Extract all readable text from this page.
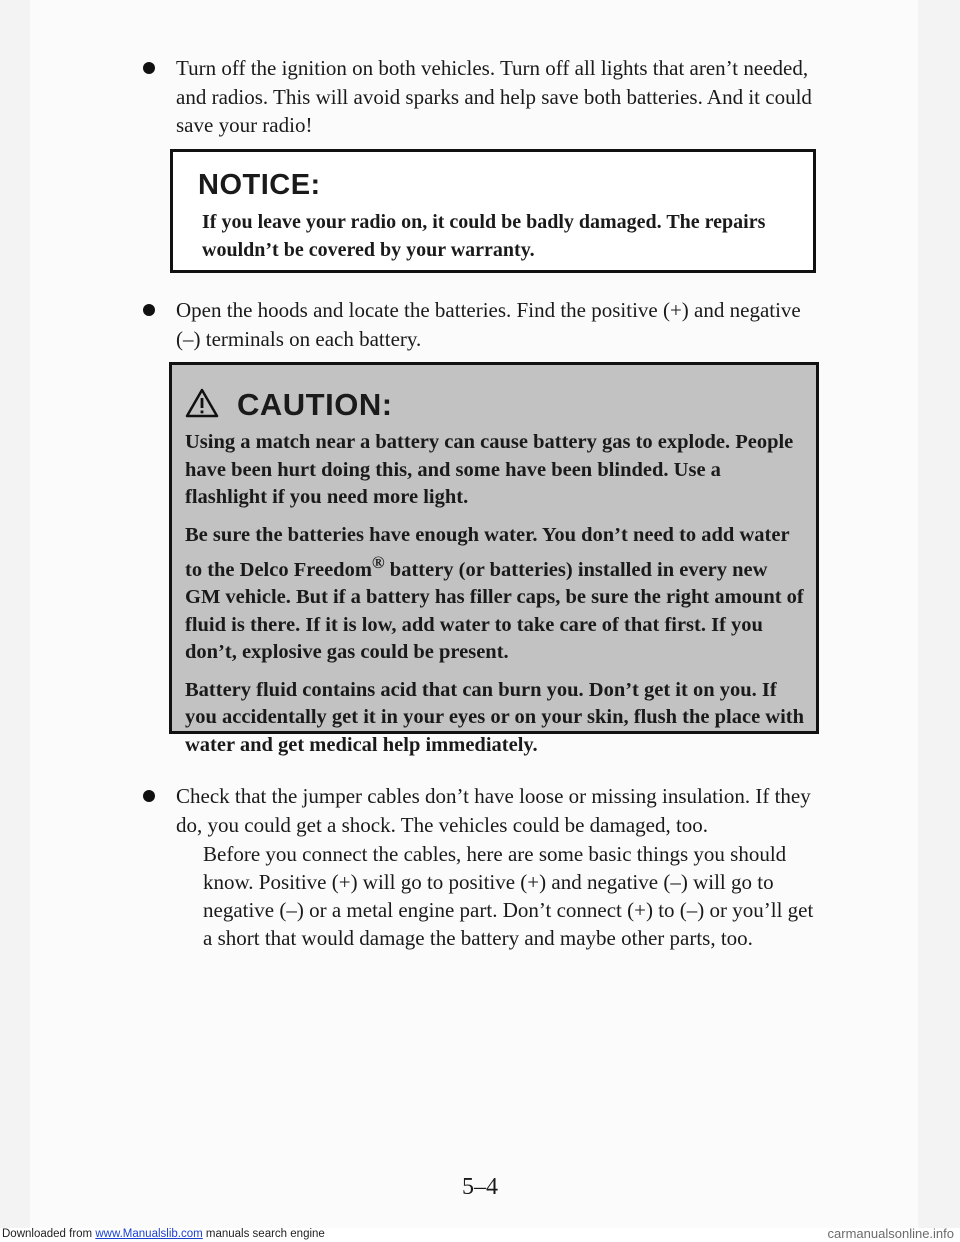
Turn off the ignition on both vehicles. Turn off all lights that aren’t needed, and radios. This will avoid sparks and help save both batteries. And it could save your radio!
NOTICE:
If you leave your radio on, it could be badly damaged. The repairs wouldn’t be covered by your warranty.
Open the hoods and locate the batteries. Find the positive (+) and negative (–) terminals on each battery.
CAUTION:

Using a match near a battery can cause battery gas to explode. People have been hurt doing this, and some have been blinded. Use a flashlight if you need more light.

Be sure the batteries have enough water. You don’t need to add water to the Delco Freedom® battery (or batteries) installed in every new GM vehicle. But if a battery has filler caps, be sure the right amount of fluid is there. If it is low, add water to take care of that first. If you don’t, explosive gas could be present.

Battery fluid contains acid that can burn you. Don’t get it on you. If you accidentally get it in your eyes or on your skin, flush the place with water and get medical help immediately.

Check that the jumper cables don’t have loose or missing insulation. If they do, you could get a shock. The vehicles could be damaged, too.
Before you connect the cables, here are some basic things you should know. Positive (+) will go to positive (+) and negative (–) will go to negative (–) or a metal engine part. Don’t connect (+) to (–) or you’ll get a short that would damage the battery and maybe other parts, too.
5–4
Downloaded from www.Manualslib.com manuals search engine	carmanualsonline.info
